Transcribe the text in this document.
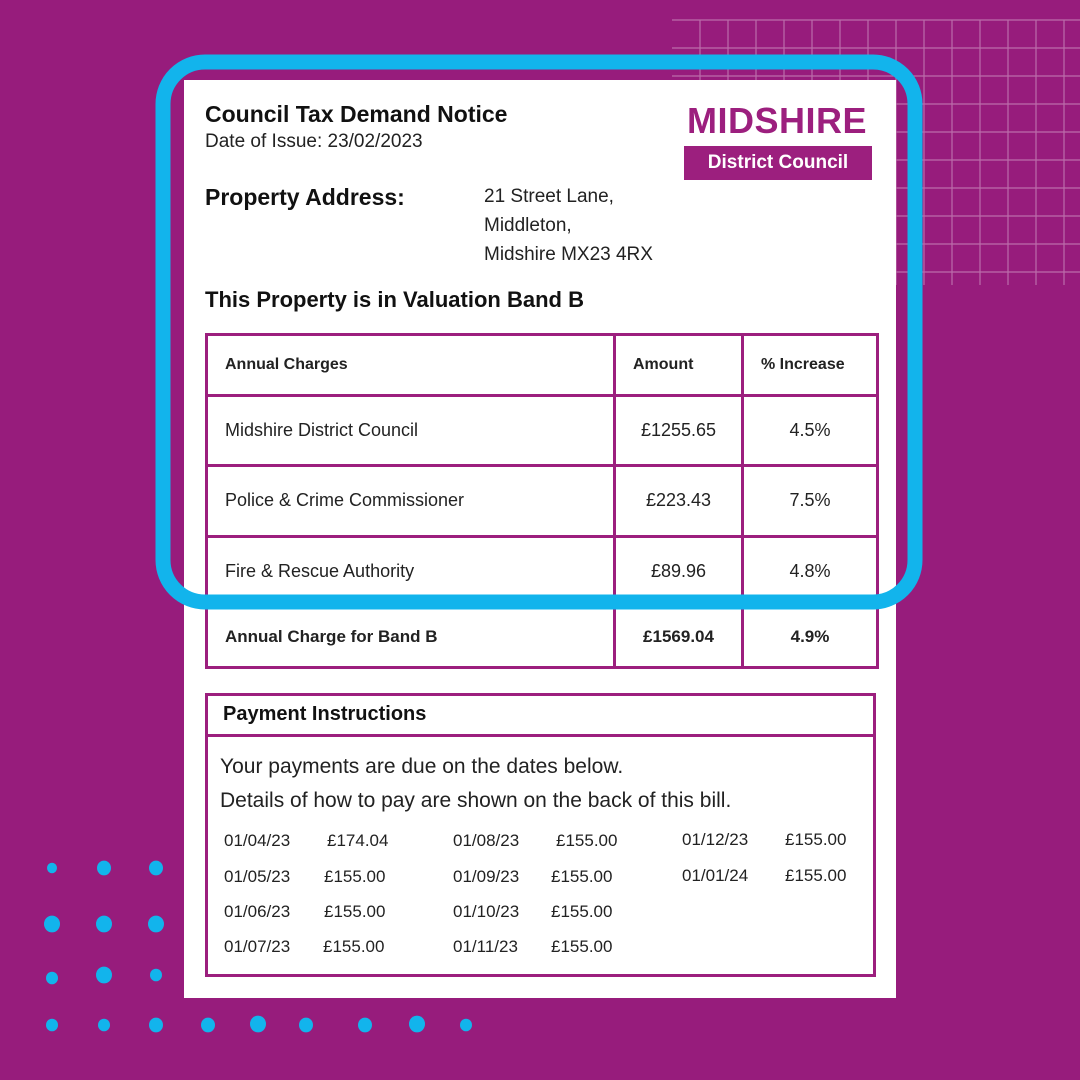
Council Tax Demand Notice
Date of Issue: 23/02/2023
MIDSHIRE
District Council
Property Address:	21 Street Lane,
Middleton,
Midshire MX23 4RX
This Property is in Valuation Band B
Annual Charges	Amount	% Increase
Midshire District Council	£1255.65	4.5%
Police & Crime Commissioner	£223.43	7.5%
Fire & Rescue Authority	£89.96	4.8%
Annual Charge for Band B	£1569.04	4.9%
Payment Instructions
Your payments are due on the dates below.
Details of how to pay are shown on the back of this bill.
01/04/23 £174.04
01/05/23 £155.00
01/06/23 £155.00
01/07/23 £155.00
01/08/23 £155.00
01/09/23 £155.00
01/10/23 £155.00
01/11/23 £155.00
01/12/23 £155.00
01/01/24 £155.00
